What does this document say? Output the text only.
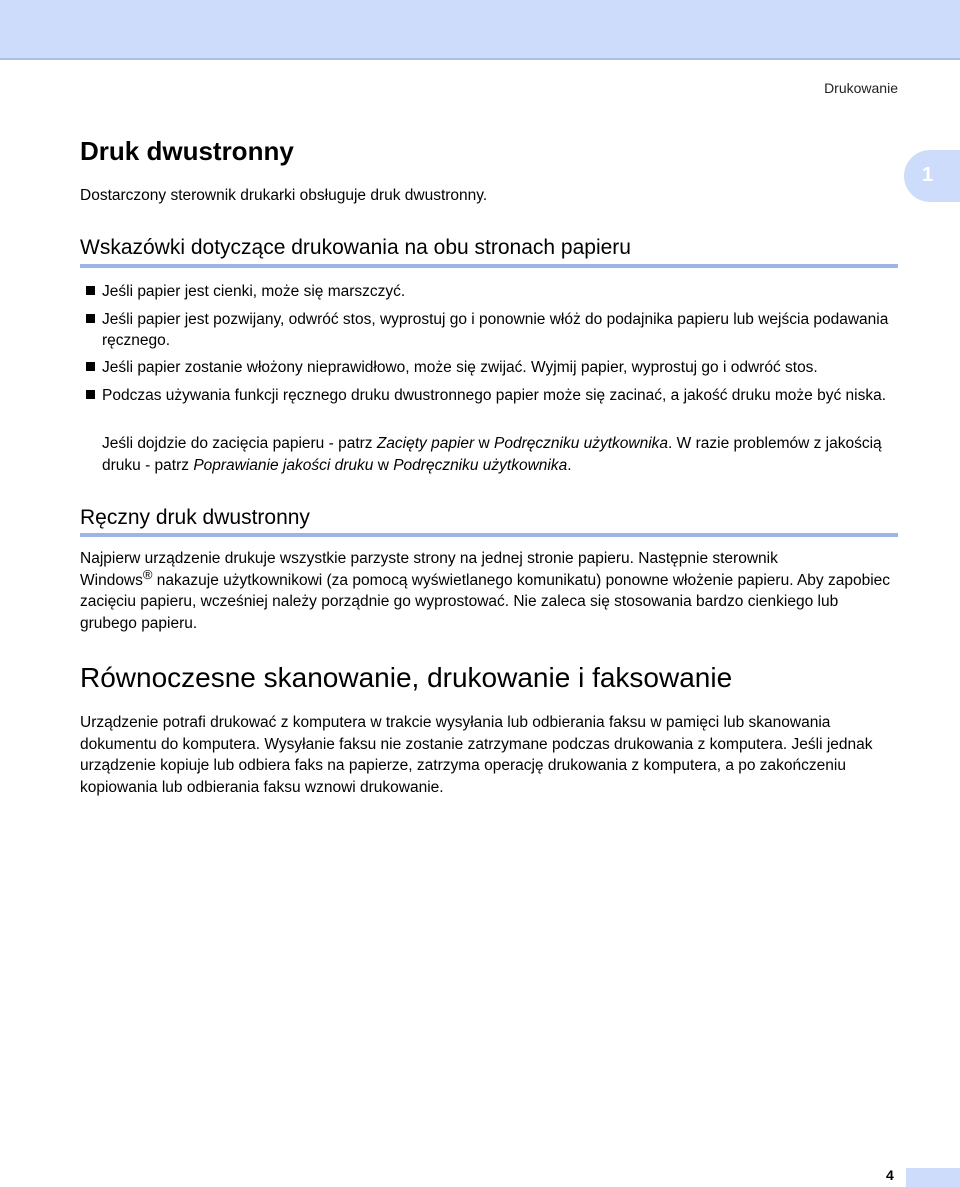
Drukowanie
1
Druk dwustronny

Dostarczony sterownik drukarki obsługuje druk dwustronny.

Wskazówki dotyczące drukowania na obu stronach papieru
Jeśli papier jest cienki, może się marszczyć.
Jeśli papier jest pozwijany, odwróć stos, wyprostuj go i ponownie włóż do podajnika papieru lub wejścia podawania ręcznego.
Jeśli papier zostanie włożony nieprawidłowo, może się zwijać. Wyjmij papier, wyprostuj go i odwróć stos.
Podczas używania funkcji ręcznego druku dwustronnego papier może się zacinać, a jakość druku może być niska.

Jeśli dojdzie do zacięcia papieru - patrz Zacięty papier w Podręczniku użytkownika. W razie problemów z jakością druku - patrz Poprawianie jakości druku w Podręczniku użytkownika.

Ręczny druk dwustronny

Najpierw urządzenie drukuje wszystkie parzyste strony na jednej stronie papieru. Następnie sterownik
Windows® nakazuje użytkownikowi (za pomocą wyświetlanego komunikatu) ponowne włożenie papieru. Aby zapobiec zacięciu papieru, wcześniej należy porządnie go wyprostować. Nie zaleca się stosowania bardzo cienkiego lub grubego papieru.

Równoczesne skanowanie, drukowanie i faksowanie

Urządzenie potrafi drukować z komputera w trakcie wysyłania lub odbierania faksu w pamięci lub skanowania dokumentu do komputera. Wysyłanie faksu nie zostanie zatrzymane podczas drukowania z komputera. Jeśli jednak urządzenie kopiuje lub odbiera faks na papierze, zatrzyma operację drukowania z komputera, a po zakończeniu kopiowania lub odbierania faksu wznowi drukowanie.

4
